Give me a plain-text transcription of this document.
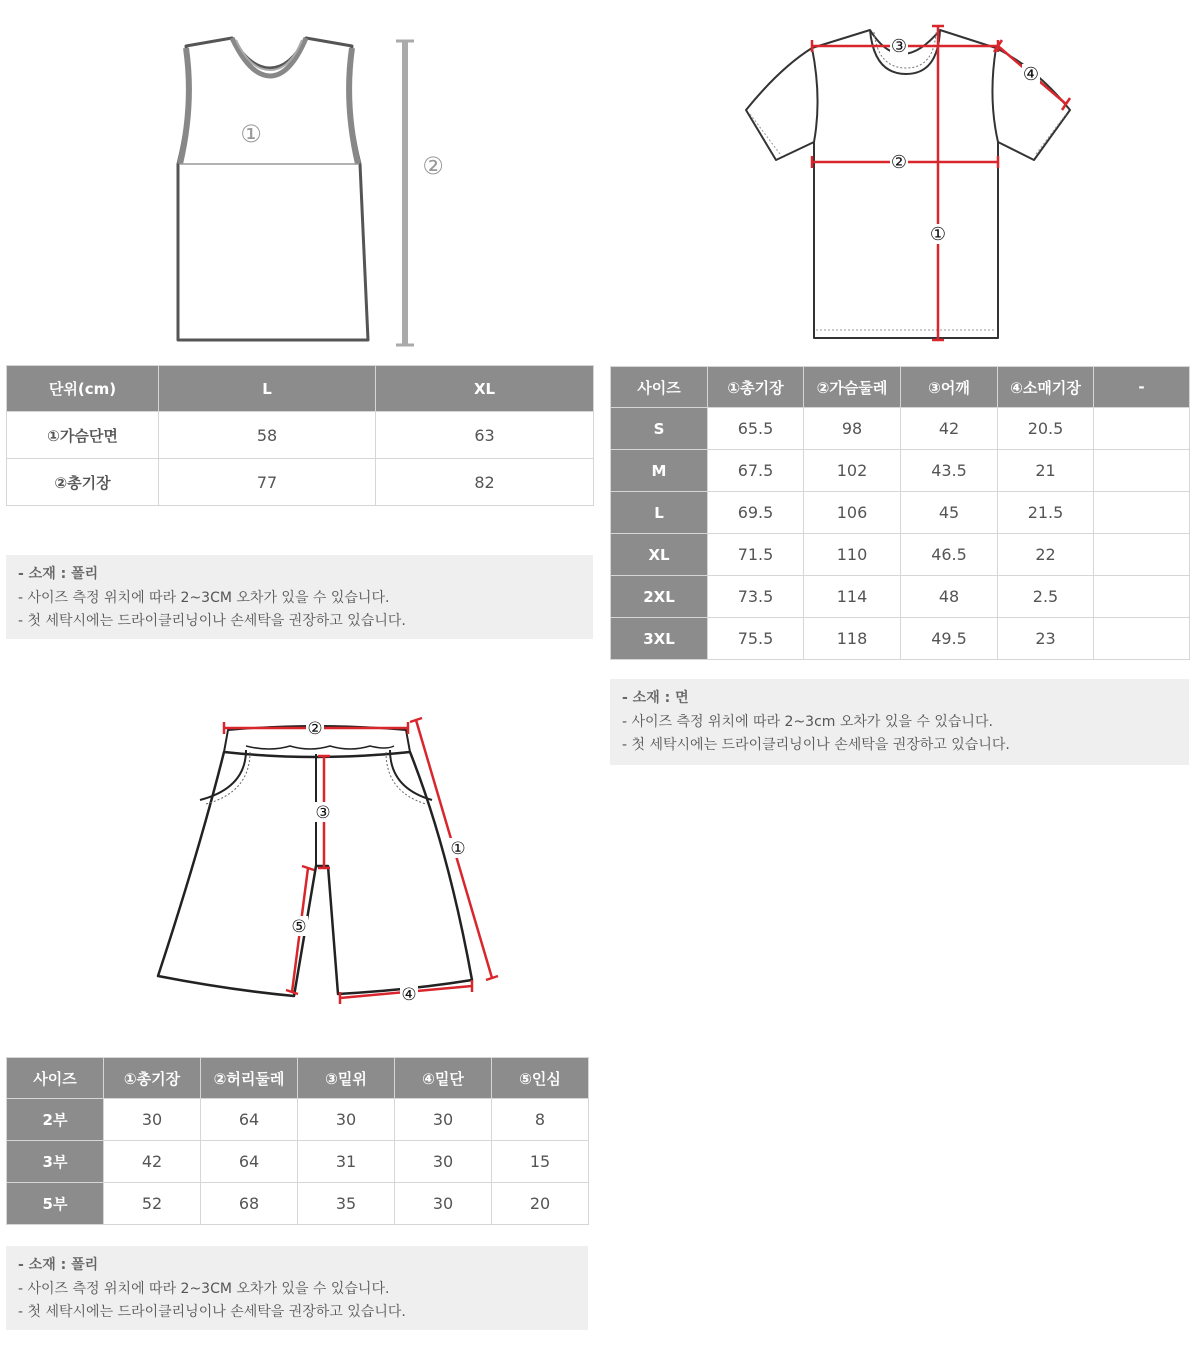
①
②
③
②
①
④
단위(cm)	L	XL
①가슴단면	58	63
②총기장	77	82
- 소재 : 폴리
- 사이즈 측정 위치에 따라 2~3CM 오차가 있을 수 있습니다.
- 첫 세탁시에는 드라이클리닝이나 손세탁을 권장하고 있습니다.
사이즈	①총기장	②가슴둘레	③어깨	④소매기장	-
S	65.5	98	42	20.5	
M	67.5	102	43.5	21	
L	69.5	106	45	21.5	
XL	71.5	110	46.5	22	
2XL	73.5	114	48	2.5	
3XL	75.5	118	49.5	23	
- 소재 : 면
- 사이즈 측정 위치에 따라 2~3cm 오차가 있을 수 있습니다.
- 첫 세탁시에는 드라이클리닝이나 손세탁을 권장하고 있습니다.
②
③
①
④
⑤
사이즈	①총기장	②허리둘레	③밑위	④밑단	⑤인심
2부	30	64	30	30	8
3부	42	64	31	30	15
5부	52	68	35	30	20
- 소재 : 폴리
- 사이즈 측정 위치에 따라 2~3CM 오차가 있을 수 있습니다.
- 첫 세탁시에는 드라이클리닝이나 손세탁을 권장하고 있습니다.
